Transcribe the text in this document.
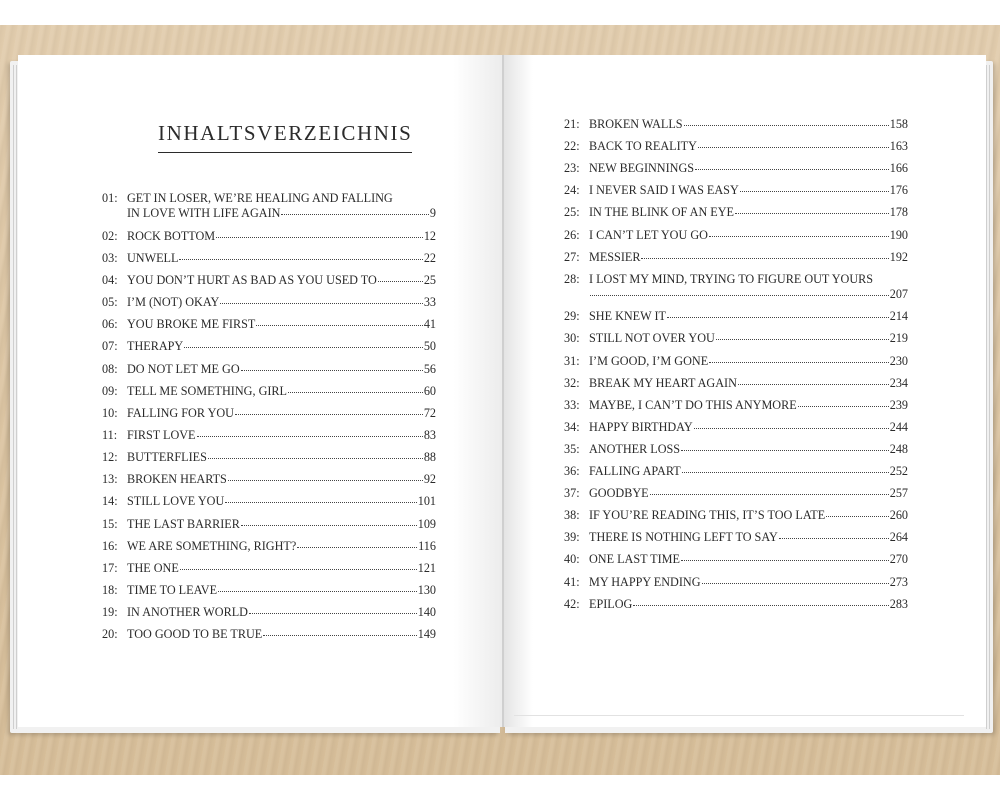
INHALTSVERZEICHNIS
01: GET IN LOSER, WE’RE HEALING AND FALLING
IN LOVE WITH LIFE AGAIN	9
02: ROCK BOTTOM	12
03: UNWELL	22
04: YOU DON’T HURT AS BAD AS YOU USED TO	25
05: I’M (NOT) OKAY	33
06: YOU BROKE ME FIRST	41
07: THERAPY	50
08: DO NOT LET ME GO	56
09: TELL ME SOMETHING, GIRL	60
10: FALLING FOR YOU	72
11: FIRST LOVE	83
12: BUTTERFLIES	88
13: BROKEN HEARTS	92
14: STILL LOVE YOU	101
15: THE LAST BARRIER	109
16: WE ARE SOMETHING, RIGHT?	116
17: THE ONE	121
18: TIME TO LEAVE	130
19: IN ANOTHER WORLD	140
20: TOO GOOD TO BE TRUE	149
21: BROKEN WALLS	158
22: BACK TO REALITY	163
23: NEW BEGINNINGS	166
24: I NEVER SAID I WAS EASY	176
25: IN THE BLINK OF AN EYE	178
26: I CAN’T LET YOU GO	190
27: MESSIER	192
28: I LOST MY MIND, TRYING TO FIGURE OUT YOURS
207
29: SHE KNEW IT	214
30: STILL NOT OVER YOU	219
31: I’M GOOD, I’M GONE	230
32: BREAK MY HEART AGAIN	234
33: MAYBE, I CAN’T DO THIS ANYMORE	239
34: HAPPY BIRTHDAY	244
35: ANOTHER LOSS	248
36: FALLING APART	252
37: GOODBYE	257
38: IF YOU’RE READING THIS, IT’S TOO LATE	260
39: THERE IS NOTHING LEFT TO SAY	264
40: ONE LAST TIME	270
41: MY HAPPY ENDING	273
42: EPILOG	283
